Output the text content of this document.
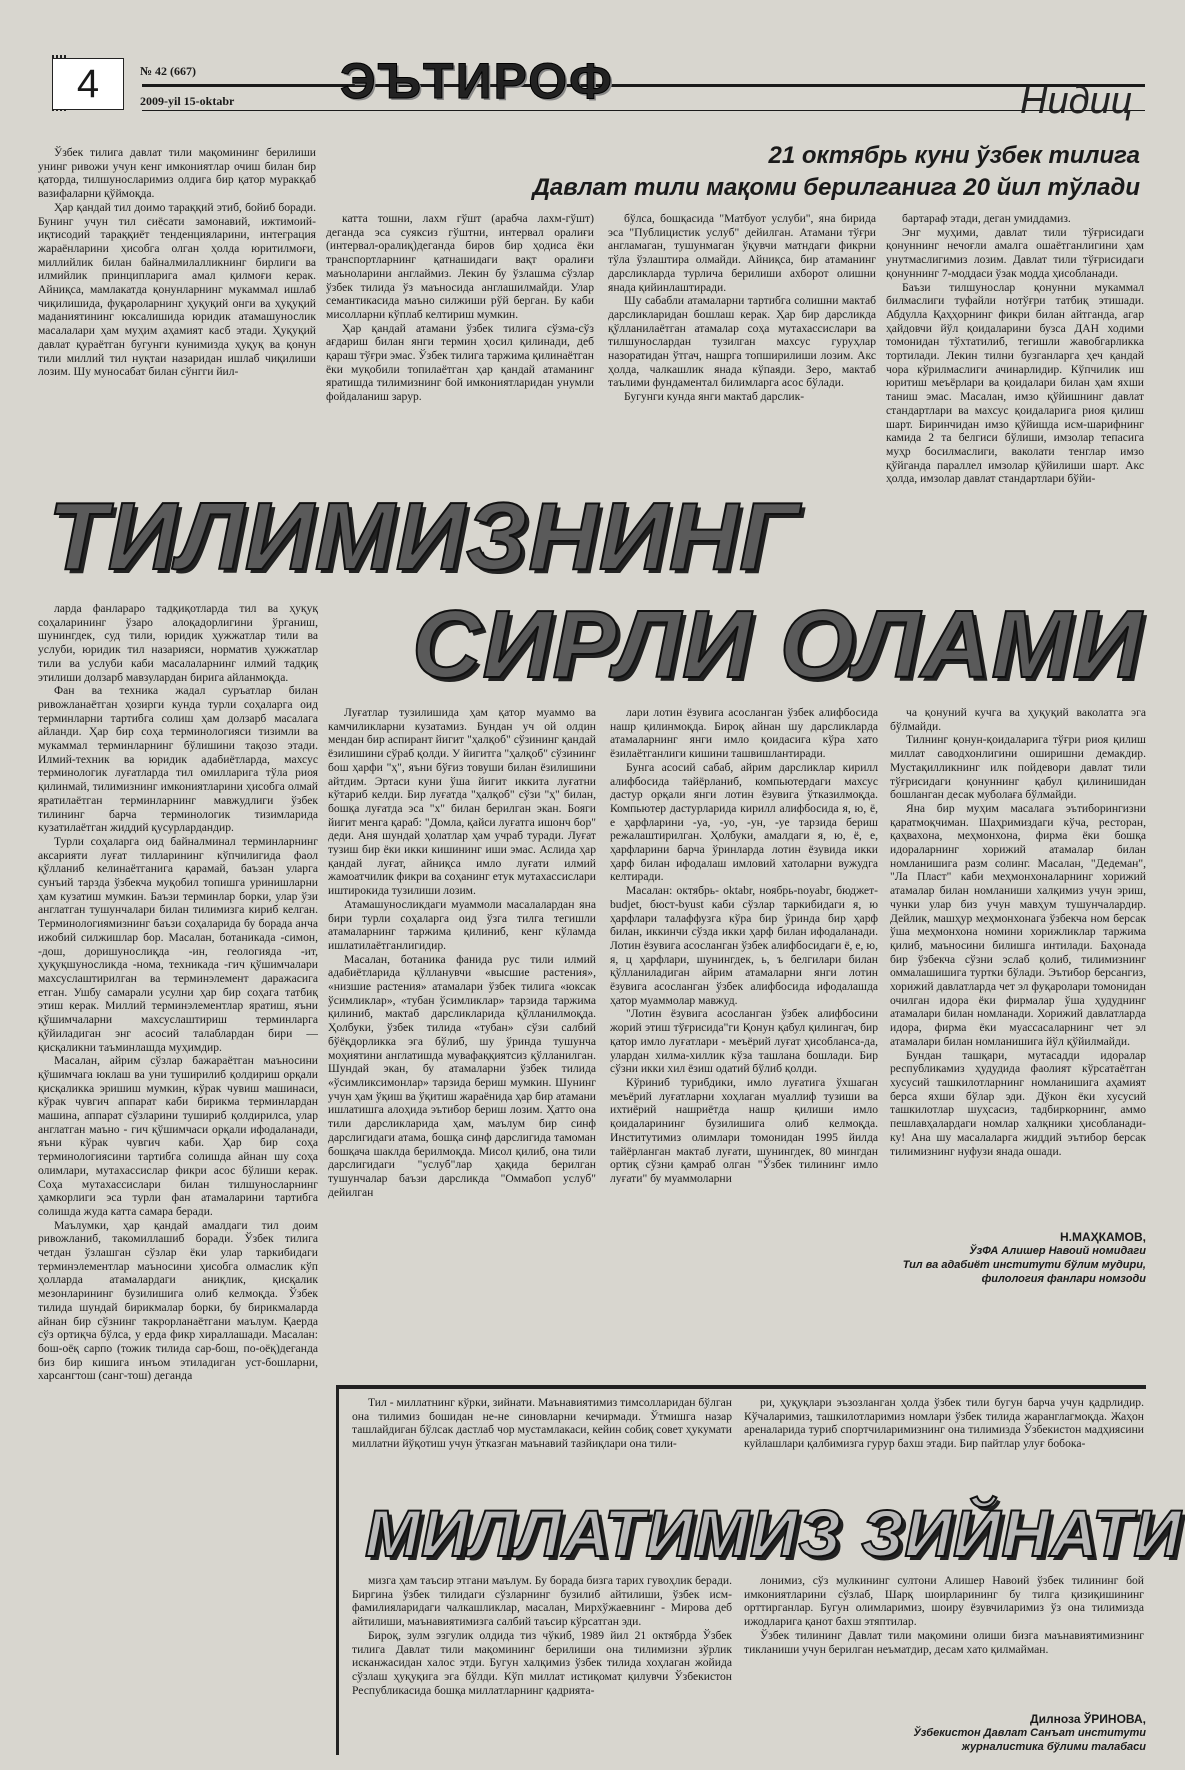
4	№ 42 (667)
2009-yil 15-oktabr ЭЪТИРОФ	Нидиц
21 октябрь куни ўзбек тилига
Давлат тили мақоми берилганига 20 йил тўлади

Ўзбек тилига давлат тили мақомининг берилиши унинг ривожи учун кенг имкониятлар очиш билан бир қаторда, тилшуносларимиз олдига бир қатор муракқаб вазифаларни қўймоқда.

Ҳар қандай тил доимо тараққий этиб, бойиб боради. Бунинг учун тил сиёсати замонавий, ижтимоий-иқтисодий тараққиёт тенденцияларини, интеграция жараёнларини ҳисобга олган ҳолда юритилмоғи, миллийлик билан байналмилалликнинг бирлиги ва илмийлик принципларига амал қилмоғи керак. Айниқса, мамлакатда қонунларнинг мукаммал ишлаб чиқилишида, фуқароларнинг ҳуқуқий онги ва ҳуқуқий маданиятининг юксалишида юридик атамашунослик масалалари ҳам муҳим аҳамият касб этади. Ҳуқуқий давлат қураётган бугунги кунимизда ҳуқуқ ва қонун тили миллий тил нуқтаи назаридан ишлаб чиқилиши лозим. Шу муносабат билан сўнгги йил-

катта тошни, лахм гўшт (арабча лахм-гўшт) деганда эса суяксиз гўштни, интервал оралиғи (интервал-оралиқ)деганда биров бир ҳодиса ёки транспортларнинг қатнашидаги вақт оралиғи маъноларини англаймиз. Лекин бу ўзлашма сўзлар ўзбек тилида ўз маъносида англашилмайди. Улар семантикасида маъно силжиши рўй берган. Бу каби мисолларни кўплаб келтириш мумкин.

Ҳар қандай атамани ўзбек тилига сўзма-сўз ағдариш билан янги термин ҳосил қилинади, деб қараш тўғри эмас. Ўзбек тилига таржима қилинаётган ёки муқобили топилаётган ҳар қандай атаманинг яратишда тилимизнинг бой имкониятларидан унумли фойдаланиш зарур.

бўлса, бошқасида "Матбуот услуби", яна бирида эса "Публицистик услуб" дейилган. Атамани тўғри англамаган, тушунмаган ўқувчи матндаги фикрни тўла ўзлаштира олмайди. Айниқса, бир атаманинг дарсликларда турлича берилиши ахборот олишни янада қийинлаштиради.

Шу сабабли атамаларни тартибга солишни мактаб дарсликларидан бошлаш керак. Ҳар бир дарсликда қўлланилаётган атамалар соҳа мутахассислари ва тилшунослардан тузилган махсус гуруҳлар назоратидан ўтгач, нашрга топширилиши лозим. Акс ҳолда, чалкашлик янада кўпаяди. Зеро, мактаб таълими фундаментал билимларга асос бўлади.

Бугунги кунда янги мактаб дарслик-

бартараф этади, деган умиддамиз.

Энг муҳими, давлат тили тўғрисидаги қонуннинг нечоғли амалга ошаётганлигини ҳам унутмаслигимиз лозим. Давлат тили тўғрисидаги қонуннинг 7-моддаси ўзак модда ҳисобланади.

Баъзи тилшунослар қонунни мукаммал билмаслиги туфайли нотўғри татбиқ этишади. Абдулла Қаҳҳорнинг фикри билан айтганда, агар ҳайдовчи йўл қоидаларини бузса ДАН ходими томонидан тўхтатилиб, тегишли жавобгарликка тортилади. Лекин тилни бузганларга ҳеч қандай чора кўрилмаслиги ачинарлидир. Кўпчилик иш юритиш меъёрлари ва қоидалари билан ҳам яхши таниш эмас. Масалан, имзо қўйишнинг давлат стандартлари ва махсус қоидаларига риоя қилиш шарт. Биринчидан имзо қўйишда исм-шарифнинг камида 2 та белгиси бўлиши, имзолар тепасига муҳр босилмаслиги, ваколати тенглар имзо қўйганда параллел имзолар қўйилиши шарт. Акс ҳолда, имзолар давлат стандартлари бўйи-

ТИЛИМИЗНИНГ
СИРЛИ ОЛАМИ

ларда фанлараро тадқиқотларда тил ва ҳуқуқ соҳаларининг ўзаро алоқадорлигини ўрганиш, шунингдек, суд тили, юридик ҳужжатлар тили ва услуби, юридик тил назарияси, норматив ҳужжатлар тили ва услуби каби масалаларнинг илмий тадқиқ этилиши долзарб мавзулардан бирига айланмоқда.

Фан ва техника жадал суръатлар билан ривожланаётган ҳозирги кунда турли соҳаларга оид терминларни тартибга солиш ҳам долзарб масалага айланди. Ҳар бир соҳа терминологияси тизимли ва мукаммал терминларнинг бўлишини тақозо этади. Илмий-техник ва юридик адабиётларда, махсус терминологик луғатларда тил омилларига тўла риоя қилинмай, тилимизнинг имкониятларини ҳисобга олмай яратилаётган терминларнинг мавжудлиги ўзбек тилининг барча терминологик тизимларида кузатилаётган жиддий қусурлардандир.

Турли соҳаларга оид байналминал терминларнинг аксарияти луғат тилларининг кўпчилигида фаол қўлланиб келинаётганига қарамай, баъзан уларга сунъий тарзда ўзбекча муқобил топишга уринишларни ҳам кузатиш мумкин. Баъзи терминлар борки, улар ўзи англатган тушунчалари билан тилимизга кириб келган. Терминологиямизнинг баъзи соҳаларида бу борада анча ижобий силжишлар бор. Масалан, ботаникада -симон, -дош, доришунослиқда -ин, геологияда -ит, ҳуқуқшуносликда -нома, техникада -гич қўшимчалари махсуслаштирилган ва терминэлемент даражасига етган. Ушбу самарали усулни ҳар бир соҳага татбиқ этиш керак. Миллий терминэлементлар яратиш, яъни қўшимчаларни махсуслаштириш терминларга қўйиладиган энг асосий талаблардан бири — қисқаликни таъминлашда муҳимдир.

Масалан, айрим сўзлар бажараётган маъносини қўшимчага юклаш ва уни туширилиб қолдириш орқали қисқаликка эришиш мумкин, кўрак чувиш машинаси, кўрак чувгич аппарат каби бирикма терминлардан машина, аппарат сўзларини тушириб қолдирилса, улар англатган маъно - гич қўшимчаси орқали ифодаланади, яъни кўрак чувгич каби. Ҳар бир соҳа терминологиясини тартибга солишда айнан шу соҳа олимлари, мутахассислар фикри асос бўлиши керак. Соҳа мутахассислари билан тилшуносларнинг ҳамкорлиги эса турли фан атамаларини тартибга солишда жуда катта самара беради.

Маълумки, ҳар қандай амалдаги тил доим ривожланиб, такомиллашиб боради. Ўзбек тилига четдан ўзлашган сўзлар ёки улар таркибидаги терминэлементлар маъносини ҳисобга олмаслик кўп ҳолларда атамалардаги аниқлик, қисқалик мезонларининг бузилишига олиб келмоқда. Ўзбек тилида шундай бирикмалар борки, бу бирикмаларда айнан бир сўзнинг такрорланаётгани маълум. Қаерда сўз ортиқча бўлса, у ерда фикр хираллашади. Масалан: бош-оёқ сарпо (тожик тилида сар-бош, по-оёқ)деганда биз бир кишига инъом этиладиган уст-бошларни, харсангтош (санг-тош) деганда

Луғатлар тузилишида ҳам қатор муаммо ва камчиликларни кузатамиз. Бундан уч ой олдин мендан бир аспирант йигит "ҳалқоб" сўзининг қандай ёзилишини сўраб қолди. У йигитга "ҳалқоб" сўзининг бош ҳарфи "ҳ", яъни бўғиз товуши билан ёзилишини айтдим. Эртаси куни ўша йигит иккита луғатни кўтариб келди. Бир луғатда "ҳалқоб" сўзи "ҳ" билан, бошқа луғатда эса "х" билан берилган экан. Бояги йигит менга қараб: "Домла, қайси луғатга ишонч бор" деди. Аня шундай ҳолатлар ҳам учраб туради. Луғат тузиш бир ёки икки кишининг иши эмас. Аслида ҳар қандай луғат, айниқса имло луғати илмий жамоатчилик фикри ва соҳанинг етук мутахассислари иштирокида тузилиши лозим.

Атамашуносликдаги муаммоли масалалардан яна бири турли соҳаларга оид ўзга тилга тегишли атамаларнинг таржима қилиниб, кенг кўламда ишлатилаётганлигидир.

Масалан, ботаника фанида рус тили илмий адабиётларида қўлланувчи «высшие растения», «низшие растения» атамалари ўзбек тилига «юксак ўсимликлар», «тубан ўсимликлар» тарзида таржима қилиниб, мактаб дарсликларида қўлланилмоқда. Ҳолбуки, ўзбек тилида «тубан» сўзи салбий бўёқдорликка эга бўлиб, шу ўринда тушунча моҳиятини англатишда мувафаққиятсиз қўлланилган. Шундай экан, бу атамаларни ўзбек тилида «ўсимликсимонлар» тарзида бериш мумкин. Шунинг учун ҳам ўқиш ва ўқитиш жараёнида ҳар бир атамани ишлатишга алоҳида эътибор бериш лозим. Ҳатто она тили дарсликларида ҳам, маълум бир синф дарслигидаги атама, бошқа синф дарслигида тамоман бошқача шаклда берилмоқда. Мисол қилиб, она тили дарслигидаги "услуб"лар ҳақида берилган тушунчалар баъзи дарсликда "Оммабоп услуб" дейилган

лари лотин ёзувига асосланган ўзбек алифбосида нашр қилинмоқда. Бироқ айнан шу дарсликларда атамаларнинг янги имло қоидасига кўра хато ёзилаётганлиги кишини ташвишлантиради.

Бунга асосий сабаб, айрим дарсликлар кирилл алифбосида тайёрланиб, компьютердаги махсус дастур орқали янги лотин ёзувига ўтказилмоқда. Компьютер дастурларида кирилл алифбосида я, ю, ё, е ҳарфларини -уа, -уо, -ун, -уе тарзида бериш режалаштирилган. Ҳолбуки, амалдаги я, ю, ё, е, ҳарфларини барча ўринларда лотин ёзувида икки ҳарф билан ифодалаш имловий хатоларни вужудга келтиради.

Масалан: октябрь- oktabr, ноябрь-noyabr, бюджет-budjet, бюст-byust каби сўзлар таркибидаги я, ю ҳарфлари талаффузга кўра бир ўринда бир ҳарф билан, иккинчи сўзда икки ҳарф билан ифодаланади. Лотин ёзувига асосланган ўзбек алифбосидаги ё, е, ю, я, ц ҳарфлари, шунингдек, ь, ъ белгилари билан қўлланиладиган айрим атамаларни янги лотин ёзувига асосланган ўзбек алифбосида ифодалашда ҳатор муаммолар мавжуд.

"Лотин ёзувига асосланган ўзбек алифбосини жорий этиш тўғрисида"ги Қонун қабул қилингач, бир қатор имло луғатлари - меъёрий луғат ҳисобланса-да, улардан хилма-хиллик кўза ташлана бошлади. Бир сўзни икки хил ёзиш одатий бўлиб қолди.

Кўриниб турибдики, имло луғатига ўхшаган меъёрий луғатларни хоҳлаган муаллиф тузиши ва ихтиёрий нашриётда нашр қилиши имло қоидаларининг бузилишига олиб келмоқда. Институтимиз олимлари томонидан 1995 йилда тайёрланган мактаб луғати, шунингдек, 80 мингдан ортиқ сўзни қамраб олган "Ўзбек тилининг имло луғати" бу муаммоларни

ча қонуний кучга ва ҳуқуқий ваколатга эга бўлмайди.

Тилнинг қонун-қоидаларига тўғри риоя қилиш миллат саводхонлигини оширишни демакдир. Мустақилликнинг илк пойдевори давлат тили тўғрисидаги қонуннинг қабул қилинишидан бошланган десак муболаға бўлмайди.

Яна бир муҳим масалага эътиборингизни қаратмоқчиман. Шаҳримиздаги кўча, ресторан, қаҳвахона, меҳмонхона, фирма ёки бошқа идораларнинг хорижий атамалар билан номланишига разм солинг. Масалан, "Дедеман", "Ла Пласт" каби меҳмонхоналарнинг хорижий атамалар билан номланиши халқимиз учун эриш, чунки улар биз учун мавҳум тушунчалардир. Дейлик, машҳур меҳмонхонага ўзбекча ном берсак ўша меҳмонхона номини хорижликлар таржима қилиб, маъносини билишга интилади. Баҳонада бир ўзбекча сўзни эслаб қолиб, тилимизнинг оммалашишига туртки бўлади. Эътибор берсангиз, хорижий давлатларда чет эл фуқаролари томонидан очилган идора ёки фирмалар ўша ҳудуднинг атамалари билан номланади. Хорижий давлатларда идора, фирма ёки муассасаларнинг чет эл атамалари билан номланишига йўл қўйилмайди.

Бундан ташқари, мутасадди идоралар республикамиз ҳудудида фаолият кўрсатаётган хусусий ташкилотларнинг номланишига аҳамият берса яхши бўлар эди. Дўкон ёки хусусий ташкилотлар шуҳсасиз, тадбиркорнинг, аммо пешлавҳалардаги номлар халқники ҳисобланади-ку! Ана шу масалаларга жиддий эътибор берсак тилимизнинг нуфузи янада ошади.

Н.МАҲКАМОВ,
ЎзФА Алишер Навоий номидаги
Тил ва адабиёт институти бўлим мудири,
филология фанлари номзоди

Тил - миллатнинг кўрки, зийнати. Маънавиятимиз тимсолларидан бўлган она тилимиз бошидан не-не синовларни кечирмади. Ўтмишга назар ташлайдиган бўлсак дастлаб чор мустамлакаси, кейин собиқ совет ҳукумати миллатни йўқотиш учун ўтказган маънавий тазйиқлари она тили-

ри, ҳуқуқлари эъзозланган ҳолда ўзбек тили бугун барча учун қадрлидир. Кўчаларимиз, ташкилотларимиз номлари ўзбек тилида жаранглагмоқда. Жаҳон ареналарида туриб спортчиларимизнинг она тилимизда Ўзбекистон мадҳиясини куйлашлари қалбимизга гурур бахш этади. Бир пайтлар улуғ бобока-

МИЛЛАТИМИЗ ЗИЙНАТИ

мизга ҳам таъсир этгани маълум. Бу борада бизга тарих гувоҳлик беради. Биргина ўзбек тилидаги сўзларнинг бузилиб айтилиши, ўзбек исм-фамилияларидаги чалкашликлар, масалан, Мирхўжаевнинг - Мирова деб айтилиши, маънавиятимизга салбий таъсир кўрсатган эди.

Бироқ, зулм эзгулик олдида тиз чўкиб, 1989 йил 21 октябрда Ўзбек тилига Давлат тили мақомининг берилиши она тилимизни зўрлик исканжасидан халос этди. Бугун халқимиз ўзбек тилида хоҳлаган жойида сўзлаш ҳуқуқига эга бўлди. Кўп миллат истиқомат қилувчи Ўзбекистон Республикасида бошқа миллатларнинг қадрията-

лонимиз, сўз мулкининг султони Алишер Навоий ўзбек тилининг бой имкониятларини сўзлаб, Шарқ шоирларининг бу тилга қизиқишининг орттирганлар. Бугун олимларимиз, шоиру ёзувчиларимиз ўз она тилимизда ижодларига қанот бахш этяптилар.

Ўзбек тилининг Давлат тили мақомини олиши бизга маънавиятимизнинг тикланиши учун берилган неъматдир, десам хато қилмайман.

Дилноза ЎРИНОВА,
Ўзбекистон Давлат Санъат институти
журналистика бўлими талабаси
